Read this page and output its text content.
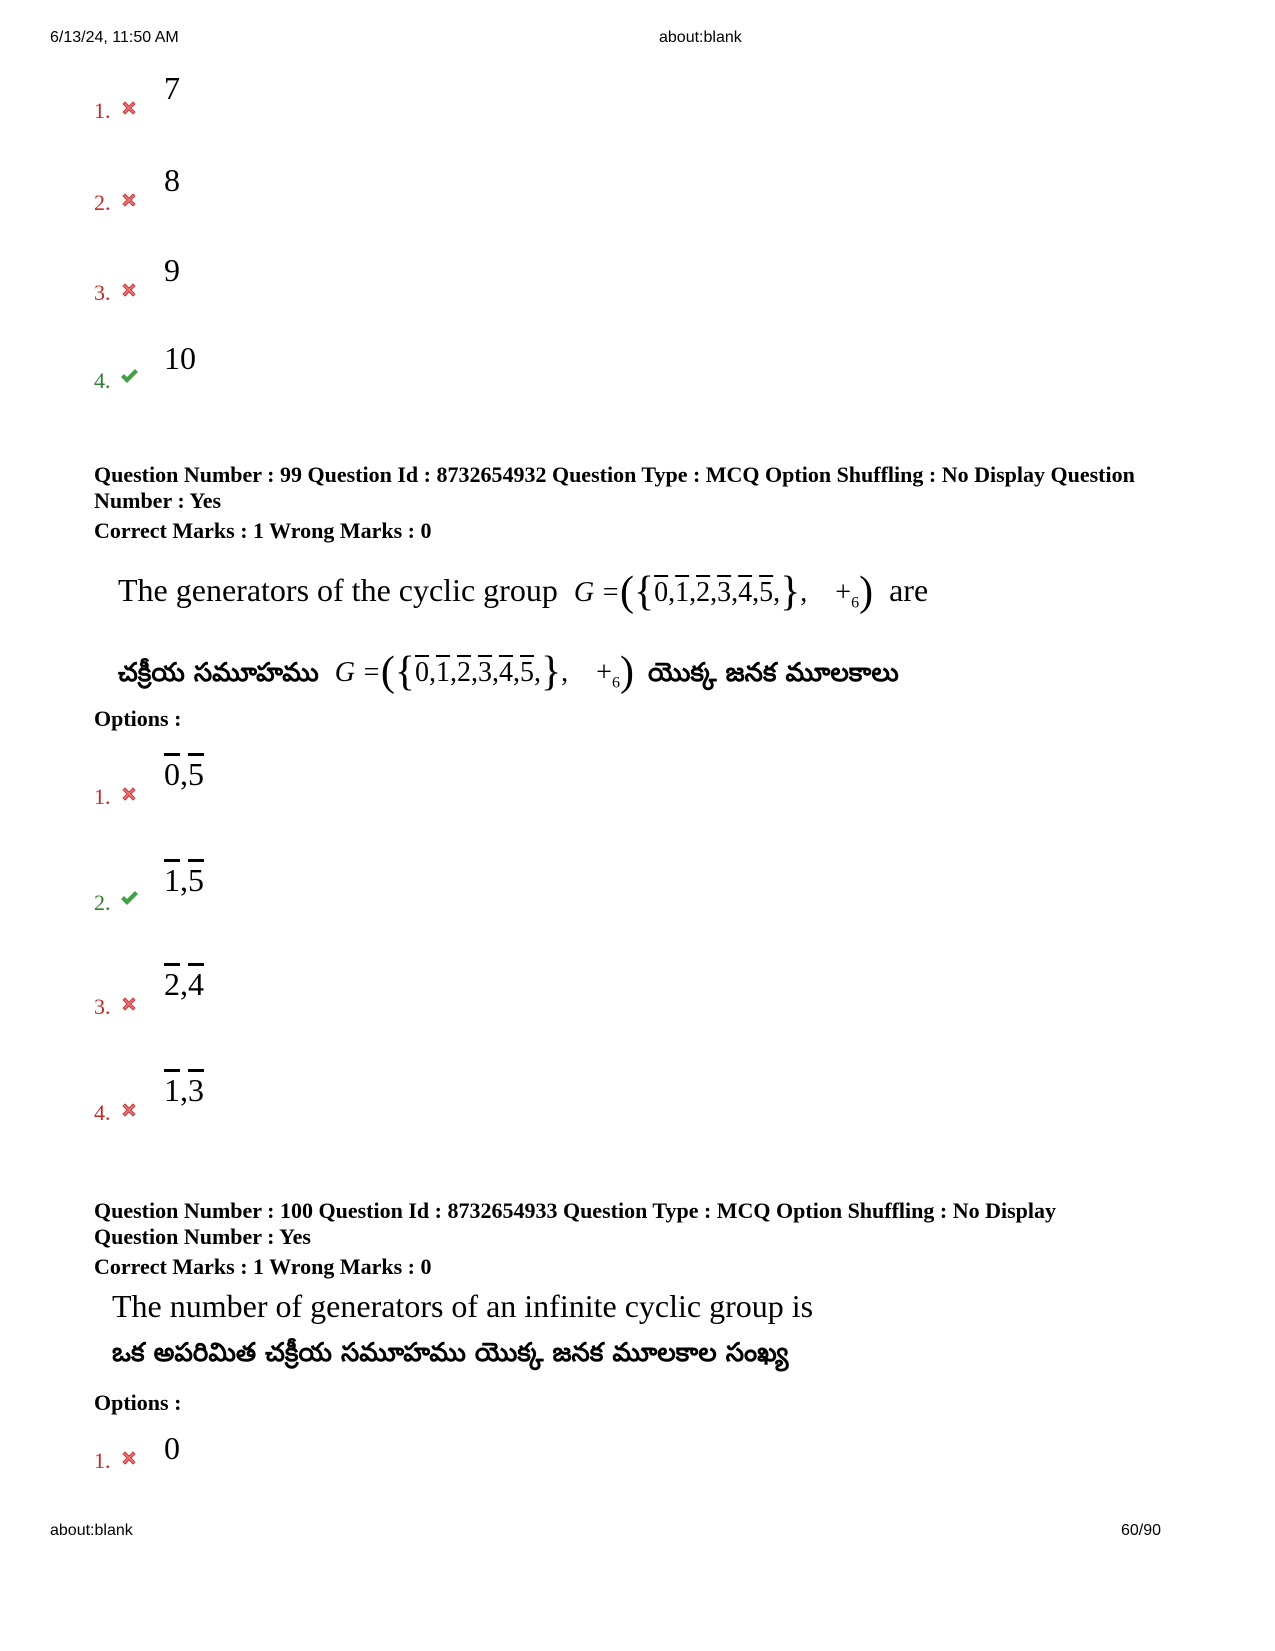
6/13/24, 11:50 AM	about:blank
about:blank	60/90
1.
7
2.
8
3.
9
4.
10
Question Number : 99 Question Id : 8732654932 Question Type : MCQ Option Shuffling : No Display Question
Number : Yes
Correct Marks : 1 Wrong Marks : 0
The generators of the cyclic group G =({0,1,2,3,4,5,},    $+_6$) are
చక్రీయ సమూహము G =({0,1,2,3,4,5,},    $+_6$) యొక్క జనక మూలకాలు
Options :
1.
0,5
2.
1,5
3.
2,4
4.
1,3
Question Number : 100 Question Id : 8732654933 Question Type : MCQ Option Shuffling : No Display
Question Number : Yes
Correct Marks : 1 Wrong Marks : 0
The number of generators of an infinite cyclic group is
ఒక అపరిమిత చక్రీయ సమూహము యొక్క జనక మూలకాల సంఖ్య
Options :
1. 0
